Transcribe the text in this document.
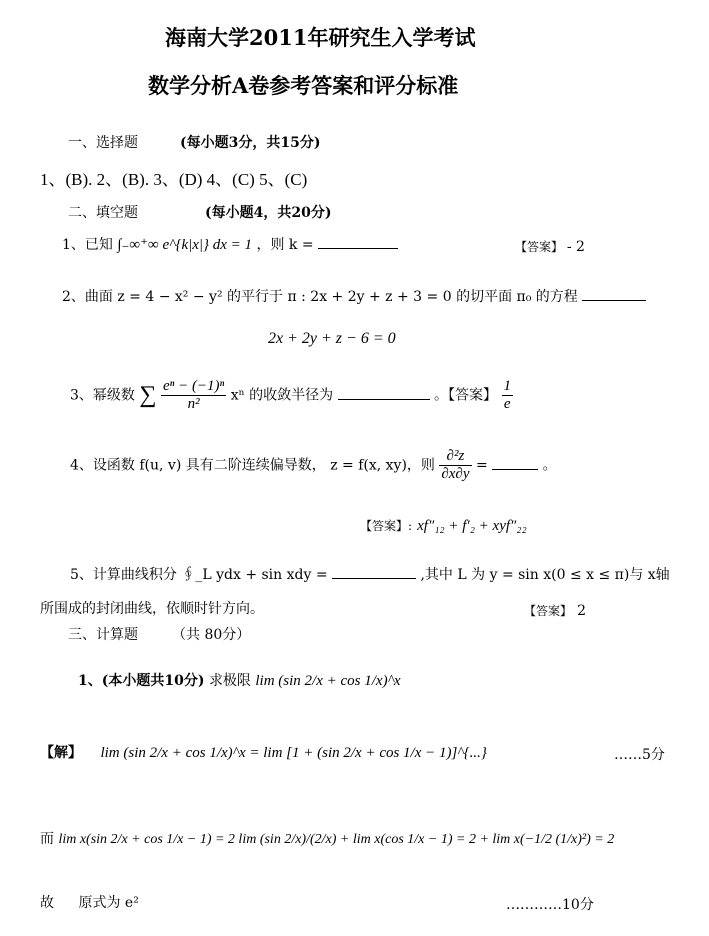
海南大学2011年研究生入学考试
数学分析A卷参考答案和评分标准
一、选择题	(每小题3分，共15分)
1、(B). 2、(B). 3、(D) 4、(C) 5、(C)
二、填空题	(每小题4，共20分)
1、已知 ∫₋∞⁺∞ e^{k|x|} dx = 1 ，则 k =	【答案】 - 2
2、曲面 z = 4 − x² − y² 的平行于 π : 2x + 2y + z + 3 = 0 的切平面 π₀ 的方程
2x + 2y + z − 6 = 0
3、幂级数 ∑ $\frac{\text{eⁿ − (−1)ⁿ}}{\text{n²}}$ xⁿ 的收敛半径为	。【答案】 $\frac{1}{e}$
4、设函数 f(u, v) 具有二阶连续偏导数， z = f(x, xy)，则 $\frac{\text{∂²z}}{\partial x\partial y}$ =	。
【答案】: xf″₁₂ + f′₂ + xyf″₂₂
5、计算曲线积分 ∮_L ydx + sin xdy =	,其中 L 为 y = sin x(0 ≤ x ≤ π)与 x轴
所围成的封闭曲线，依顺时针方向。	【答案】 2
三、计算题 （共 80分）
1、(本小题共10分) 求极限 lim (sin 2/x + cos 1/x)^x
【解】 lim (sin 2/x + cos 1/x)^x = lim [1 + (sin 2/x + cos 1/x − 1)]^{...}	……5分
而 lim x(sin 2/x + cos 1/x − 1) = 2 lim (sin 2/x)/(2/x) + lim x(cos 1/x − 1) = 2 + lim x(−1/2 (1/x)²) = 2
故 原式为 e²	…………10分
